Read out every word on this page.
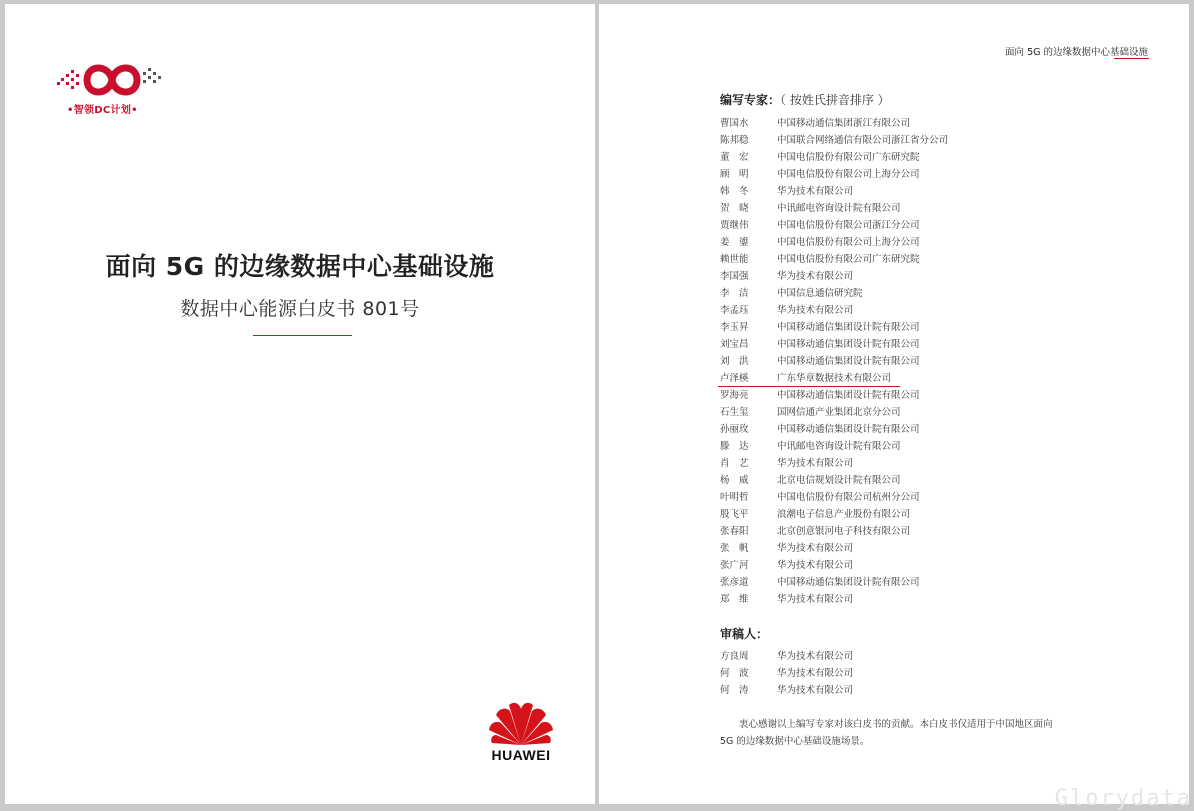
•智领DC计划•
面向 5G 的边缘数据中心基础设施
数据中心能源白皮书 801号
HUAWEI
面向 5G 的边缘数据中心基础设施
编写专家：（ 按姓氏拼音排序 ）
曹国水	中国移动通信集团浙江有限公司
陈邦稳	中国联合网络通信有限公司浙江省分公司
董　宏	中国电信股份有限公司广东研究院
顾　明	中国电信股份有限公司上海分公司
韩　冬	华为技术有限公司
贺　晓	中讯邮电咨询设计院有限公司
贾继伟	中国电信股份有限公司浙江分公司
姜　鎏	中国电信股份有限公司上海分公司
赖世能	中国电信股份有限公司广东研究院
李国强	华为技术有限公司
李　洁	中国信息通信研究院
李孟珏	华为技术有限公司
李玉昇	中国移动通信集团设计院有限公司
刘宝昌	中国移动通信集团设计院有限公司
刘　洪	中国移动通信集团设计院有限公司
卢泽楧	广东华章数据技术有限公司
罗海亮	中国移动通信集团设计院有限公司
石生玺	国网信通产业集团北京分公司
孙丽玫	中国移动通信集团设计院有限公司
滕　达	中讯邮电咨询设计院有限公司
肖　艺	华为技术有限公司
杨　威	北京电信规划设计院有限公司
叶明哲	中国电信股份有限公司杭州分公司
殷飞平	浪潮电子信息产业股份有限公司
张春阳	北京创意银河电子科技有限公司
张　帆	华为技术有限公司
张广河	华为技术有限公司
张彦道	中国移动通信集团设计院有限公司
郑　维	华为技术有限公司
审稿人：
方良周	华为技术有限公司
何　波	华为技术有限公司
何　涛	华为技术有限公司

衷心感谢以上编写专家对该白皮书的贡献。本白皮书仅适用于中国地区面向

5G 的边缘数据中心基础设施场景。

Glorydata
